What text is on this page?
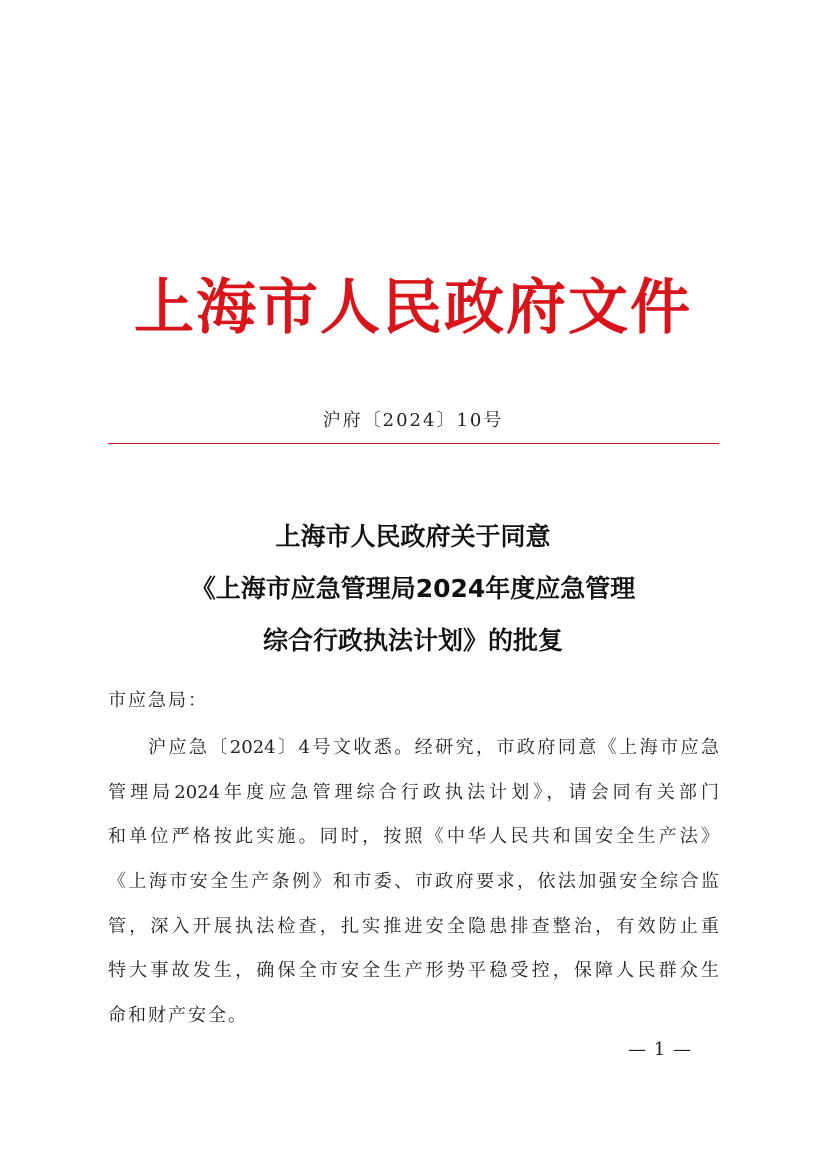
上海市人民政府文件
沪府〔2024〕10号
上海市人民政府关于同意
《上海市应急管理局2024年度应急管理
综合行政执法计划》的批复
市应急局：
沪应急〔2024〕4号文收悉。经研究，市政府同意《上海市应急
管理局2024年度应急管理综合行政执法计划》，请会同有关部门
和单位严格按此实施。同时，按照《中华人民共和国安全生产法》
《上海市安全生产条例》和市委、市政府要求，依法加强安全综合监
管，深入开展执法检查，扎实推进安全隐患排查整治，有效防止重
特大事故发生，确保全市安全生产形势平稳受控，保障人民群众生
命和财产安全。
— 1 —
